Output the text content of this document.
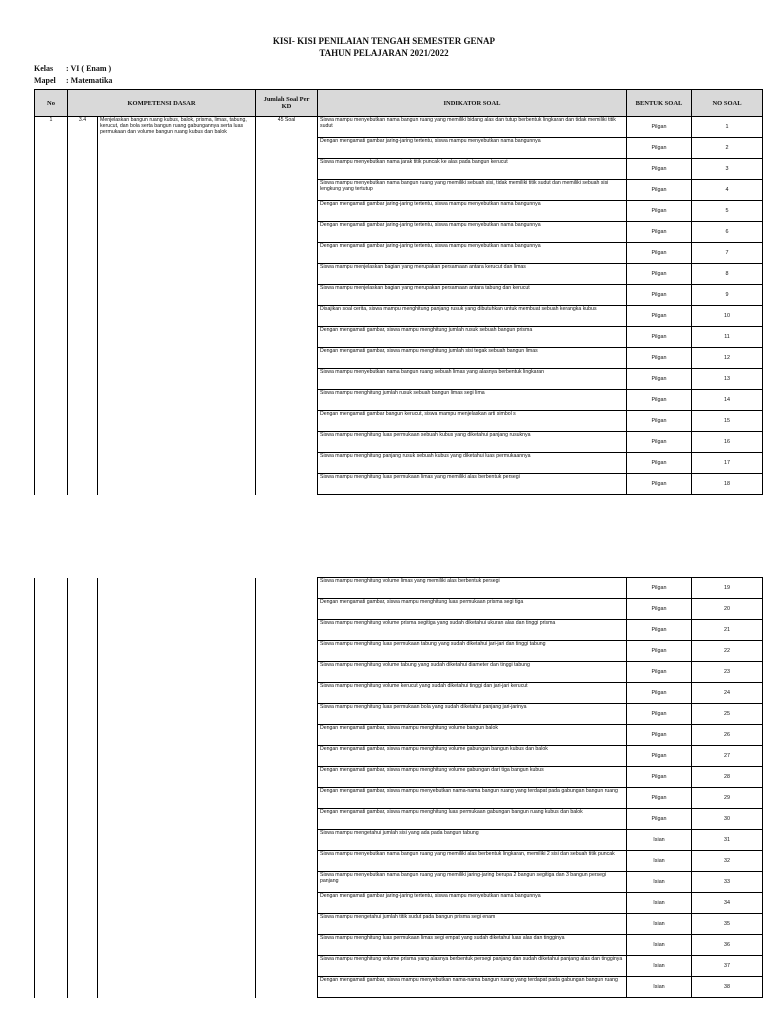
KISI- KISI PENILAIAN TENGAH SEMESTER GENAP
TAHUN PELAJARAN 2021/2022
Kelas : VI ( Enam )
Mapel : Matematika
No	KOMPETENSI DASAR		Jumlah Soal Per KD	INDIKATOR SOAL	BENTUK SOAL	NO SOAL
1	3.4	Menjelaskan bangun ruang kubus, balok, prisma, limas, tabung, kerucut, dan bola serta bangun ruang gabungannya serta luas permukaan dan volume bangun ruang kubus dan balok	45 Soal	Siswa mampu menyebutkan nama bangun ruang yang memiliki bidang alas dan tutup berbentuk lingkaran dan tidak memiliki titik sudut	Pilgan	1
				Dengan mengamati gambar jaring-jaring tertentu, siswa mampu menyebutkan nama bangunnya	Pilgan	2
				Siswa mampu menyebutkan nama jarak titik puncak ke alas pada bangun kerucut	Pilgan	3
				Siswa mampu menyebutkan nama bangun ruang yang memiliki sebuah sisi, tidak memiliki titik sudut dan memiliki sebuah sisi lengkung yang tertutup	Pilgan	4
				Dengan mengamati gambar jaring-jaring tertentu, siswa mampu menyebutkan nama bangunnya	Pilgan	5
				Dengan mengamati gambar jaring-jaring tertentu, siswa mampu menyebutkan nama bangunnya	Pilgan	6
				Dengan mengamati gambar jaring-jaring tertentu, siswa mampu menyebutkan nama bangunnya	Pilgan	7
				Siswa mampu menjelaskan bagian yang merupakan persamaan antara kerucut dan limas	Pilgan	8
				Siswa mampu menjelaskan bagian yang merupakan persamaan antara tabung dan kerucut	Pilgan	9
				Disajikan soal cerita, siswa mampu menghitung panjang rusuk yang dibutuhkan untuk membuat sebuah kerangka kubus	Pilgan	10
				Dengan mengamati gambar, siswa mampu menghitung jumlah rusuk sebuah bangun prisma	Pilgan	11
				Dengan mengamati gambar, siswa mampu menghitung jumlah sisi tegak sebuah bangun limas	Pilgan	12
				Siswa mampu menyebutkan nama bangun ruang sebuah limas yang alasnya berbentuk lingkaran	Pilgan	13
				Siswa mampu menghitung jumlah rusuk sebuah bangun limas segi lima	Pilgan	14
				Dengan mengamati gambar bangun kerucut, siswa mampu menjelaskan arti simbol s	Pilgan	15
				Siswa mampu menghitung luas permukaan sebuah kubus yang diketahui panjang rusuknya	Pilgan	16
				Siswa mampu menghitung panjang rusuk sebuah kubus yang diketahui luas permukaannya	Pilgan	17
				Siswa mampu menghitung luas permukaan limas yang memiliki alas berbentuk persegi	Pilgan	18
				Siswa mampu menghitung volume limas yang memiliki alas berbentuk persegi	Pilgan	19
				Dengan mengamati gambar, siswa mampu menghitung luas permukaan prisma segi tiga	Pilgan	20
				Siswa mampu menghitung volume prisma segitiga yang sudah diketahui ukuran alas dan tinggi prisma	Pilgan	21
				Siswa mampu menghitung luas permukaan tabung yang sudah diketahui jari-jari dan tinggi tabung	Pilgan	22
				Siswa mampu menghitung volume tabung yang sudah diketahui diameter dan tinggi tabung	Pilgan	23
				Siswa mampu menghitung volume kerucut yang sudah diketahui tinggi dan jari-jari kerucut	Pilgan	24
				Siswa mampu menghitung luas permukaan bola yang sudah diketahui panjang jari-jarinya	Pilgan	25
				Dengan mengamati gambar, siswa mampu menghitung volume bangun balok	Pilgan	26
				Dengan mengamati gambar, siswa mampu menghitung volume gabungan bangun kubus dan balok	Pilgan	27
				Dengan mengamati gambar, siswa mampu menghitung volume gabungan dari tiga bangun kubus	Pilgan	28
				Dengan mengamati gambar, siswa mampu menyebutkan nama-nama bangun ruang yang terdapat pada gabungan bangun ruang	Pilgan	29
				Dengan mengamati gambar, siswa mampu menghitung luas permukaan gabungan bangun ruang kubus dan balok	Pilgan	30
				Siswa mampu mengetahui jumlah sisi yang ada pada bangun tabung	Isian	31
				Siswa mampu menyebutkan nama bangun ruang yang memiliki alas berbentuk lingkaran, memiliki 2 sisi dan sebuah titik puncak	Isian	32
				Siswa mampu menyebutkan nama bangun ruang yang memiliki jaring-jaring berupa 2 bangun segitiga dan 3 bangun persegi panjang	Isian	33
				Dengan mengamati gambar jaring-jaring tertentu, siswa mampu menyebutkan nama bangunnya	Isian	34
				Siswa mampu mengetahui jumlah titik sudut pada bangun prisma segi enam	Isian	35
				Siswa mampu menghitung luas permukaan limas segi empat yang sudah diketahui luas alas dan tingginya	Isian	36
				Siswa mampu menghitung volume prisma yang alasnya berbentuk persegi panjang dan sudah diketahui panjang alas dan tingginya	Isian	37
				Dengan mengamati gambar, siswa mampu menyebutkan nama-nama bangun ruang yang terdapat pada gabungan bangun ruang	Isian	38
